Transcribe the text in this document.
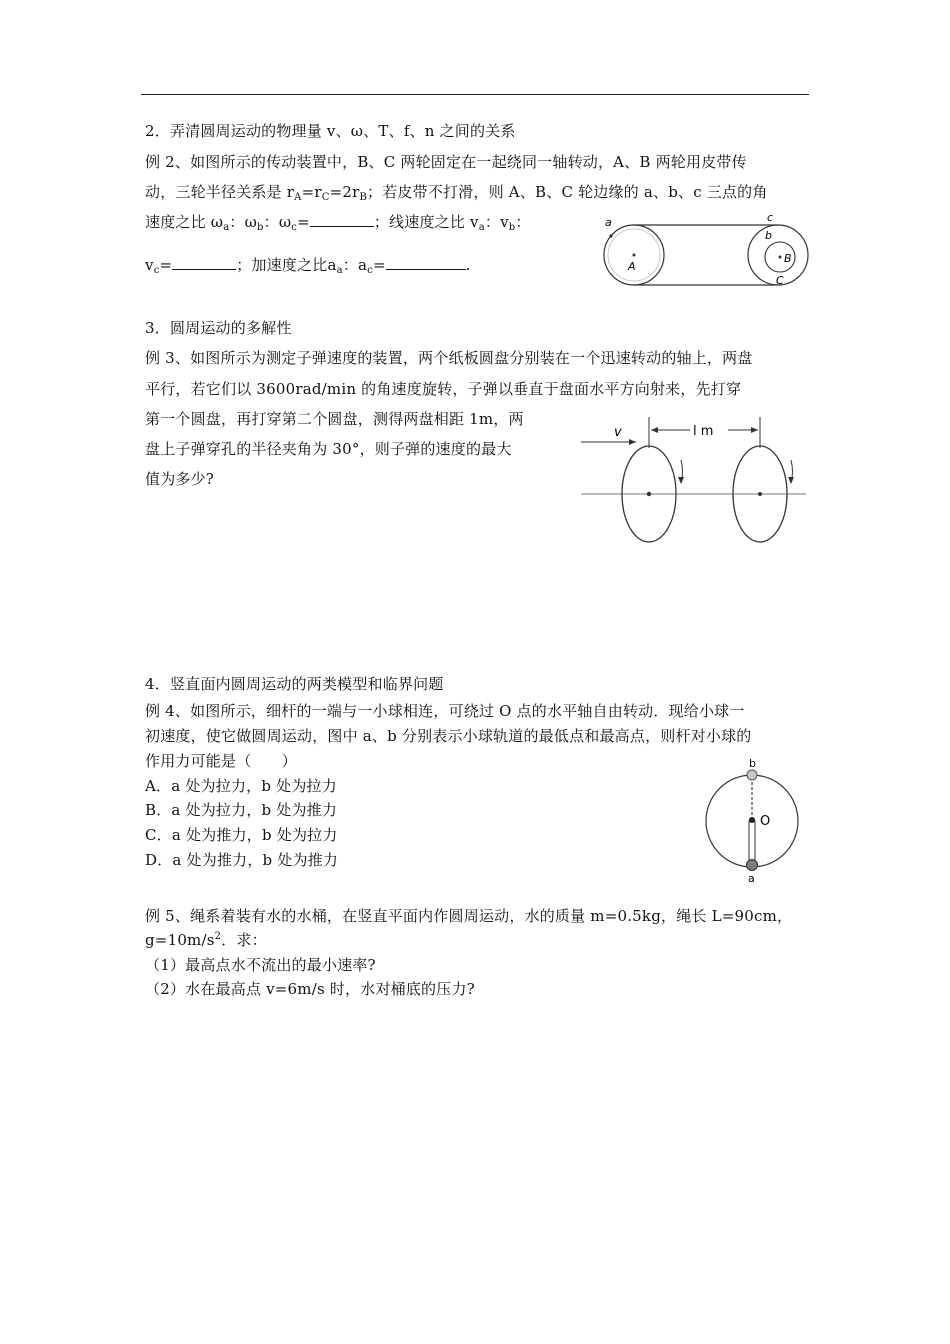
2．弄清圆周运动的物理量 v、ω、T、f、n 之间的关系
例 2、如图所示的传动装置中，B、C 两轮固定在一起绕同一轴转动，A、B 两轮用皮带传
动，三轮半径关系是 $r_A=r_C=2r_B$；若皮带不打滑，则 A、B、C 轮边缘的 a、b、c 三点的角
速度之比 $\omega_a$：$\omega_b$：$\omega_c=$	；线速度之比 $v_a$：$v_b$：
$v_c=$	；加速度之比$a_a$：$a_c=$	.
a
A
c
b
B
C
3．圆周运动的多解性
例 3、如图所示为测定子弹速度的装置，两个纸板圆盘分别装在一个迅速转动的轴上，两盘
平行，若它们以 3600rad/min 的角速度旋转，子弹以垂直于盘面水平方向射来，先打穿
第一个圆盘，再打穿第二个圆盘，测得两盘相距 1m，两
盘上子弹穿孔的半径夹角为 30°，则子弹的速度的最大
值为多少?
v	l m
4．竖直面内圆周运动的两类模型和临界问题
例 4、如图所示，细杆的一端与一小球相连，可绕过 O 点的水平轴自由转动．现给小球一
初速度，使它做圆周运动，图中 a、b 分别表示小球轨道的最低点和最高点，则杆对小球的
作用力可能是（　　）
A．a 处为拉力，b 处为拉力
B．a 处为拉力，b 处为推力
C．a 处为推力，b 处为拉力
D．a 处为推力，b 处为推力
b
O
a
例 5、绳系着装有水的水桶，在竖直平面内作圆周运动，水的质量 m=0.5kg，绳长 L=90cm，
$g=10m/s^2$．求：
（1）最高点水不流出的最小速率?
（2）水在最高点 v=6m/s 时，水对桶底的压力?
